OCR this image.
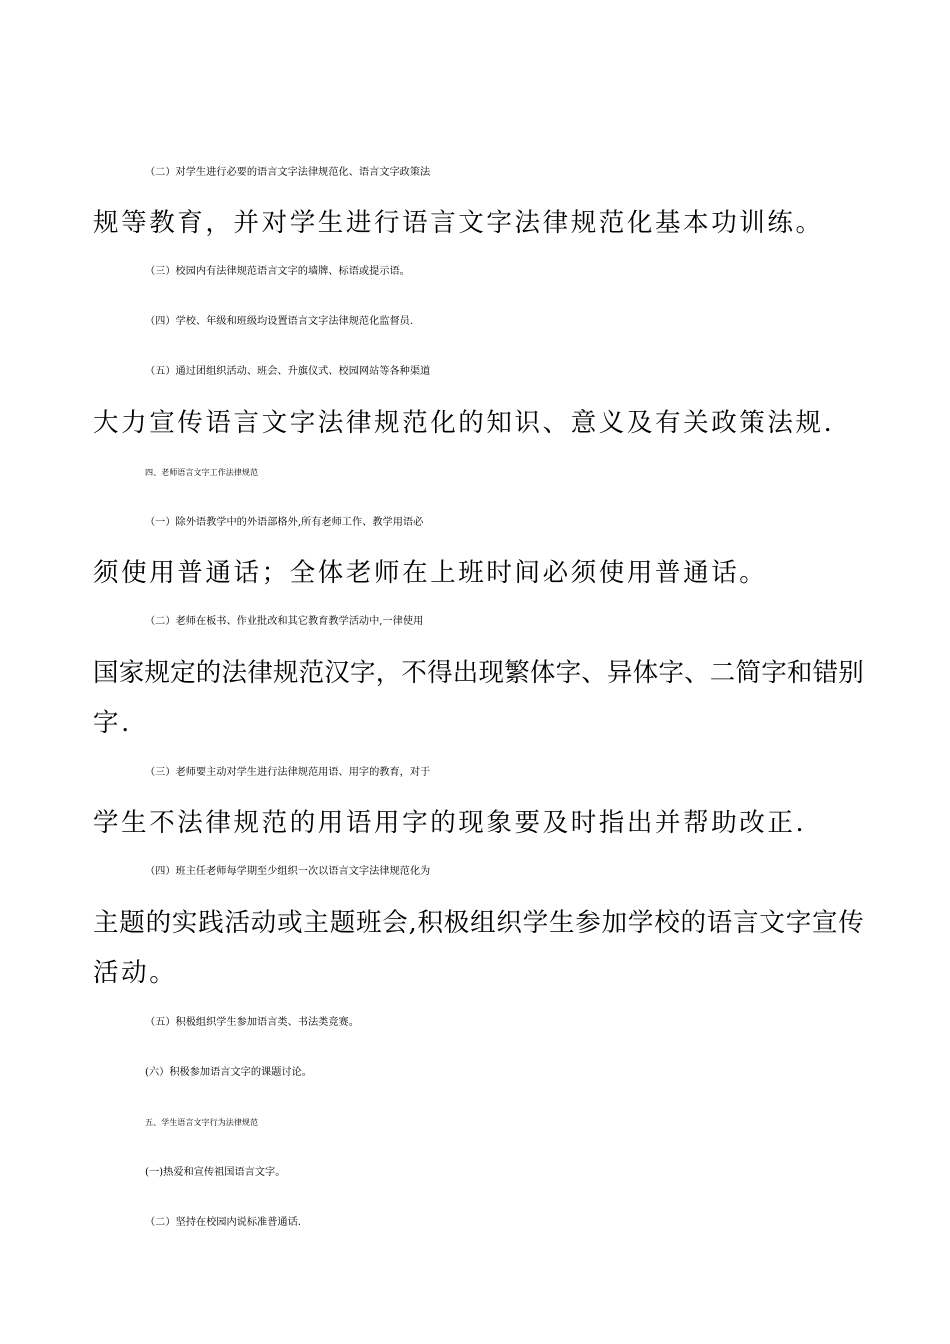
（二）对学生进行必要的语言文字法律规范化、语言文字政策法
规等教育，并对学生进行语言文字法律规范化基本功训练。
（三）校园内有法律规范语言文字的墙牌、标语或提示语。
（四）学校、年级和班级均设置语言文字法律规范化监督员.
（五）通过团组织活动、班会、升旗仪式、校园网站等各种渠道
大力宣传语言文字法律规范化的知识、意义及有关政策法规.
四、老师语言文字工作法律规范
（一）除外语教学中的外语部格外,所有老师工作、教学用语必
须使用普通话；全体老师在上班时间必须使用普通话。
（二）老师在板书、作业批改和其它教育教学活动中,一律使用
国家规定的法律规范汉字，不得出现繁体字、异体字、二简字和错别
字.
（三）老师要主动对学生进行法律规范用语、用字的教育，对于
学生不法律规范的用语用字的现象要及时指出并帮助改正.
（四）班主任老师每学期至少组织一次以语言文字法律规范化为
主题的实践活动或主题班会,积极组织学生参加学校的语言文字宣传
活动。
（五）积极组织学生参加语言类、书法类竞赛。
(六）积极参加语言文字的课题讨论。
五、学生语言文字行为法律规范
(一)热爱和宣传祖国语言文字。
（二）坚持在校园内说标准普通话.
